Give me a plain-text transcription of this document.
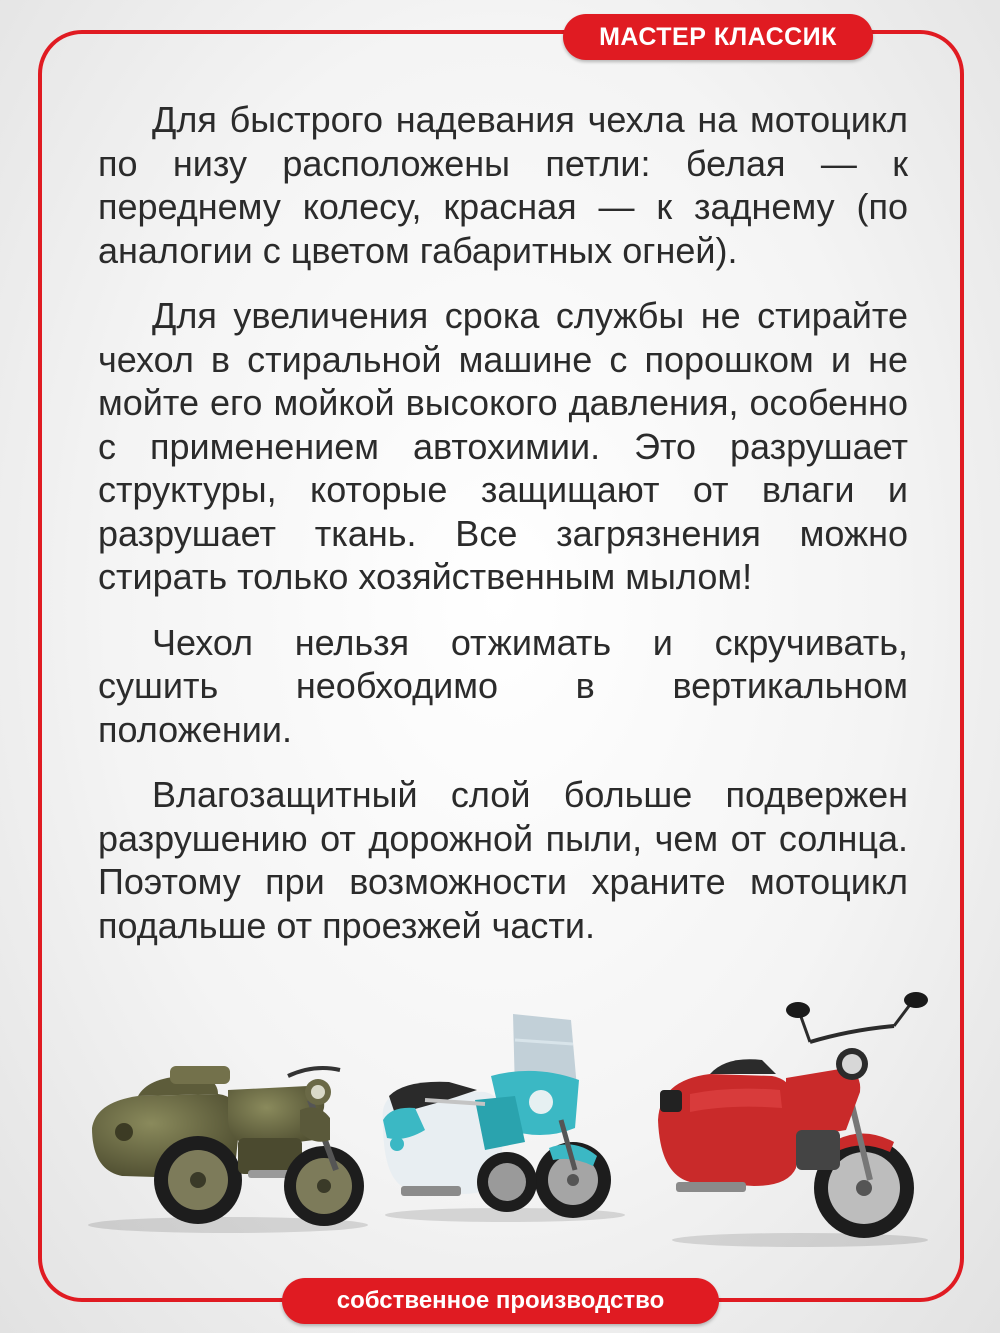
МАСТЕР КЛАССИК

Для быстрого надевания чехла на мотоцикл по низу расположены петли: белая — к переднему колесу, красная — к заднему (по аналогии с цветом габаритных огней).

Для увеличения срока службы не стирайте чехол в стиральной машине с порошком и не мойте его мойкой высокого давления, особенно с применением автохимии. Это разрушает структуры, которые защищают от влаги и разрушает ткань. Все загрязнения можно стирать только хозяйственным мылом!

Чехол нельзя отжимать и скручивать, сушить необходимо в вертикальном положении.

Влагозащитный слой больше подвержен разрушению от дорожной пыли, чем от солнца. Поэтому при возможности храните мотоцикл подальше от проезжей части.

собственное производство
